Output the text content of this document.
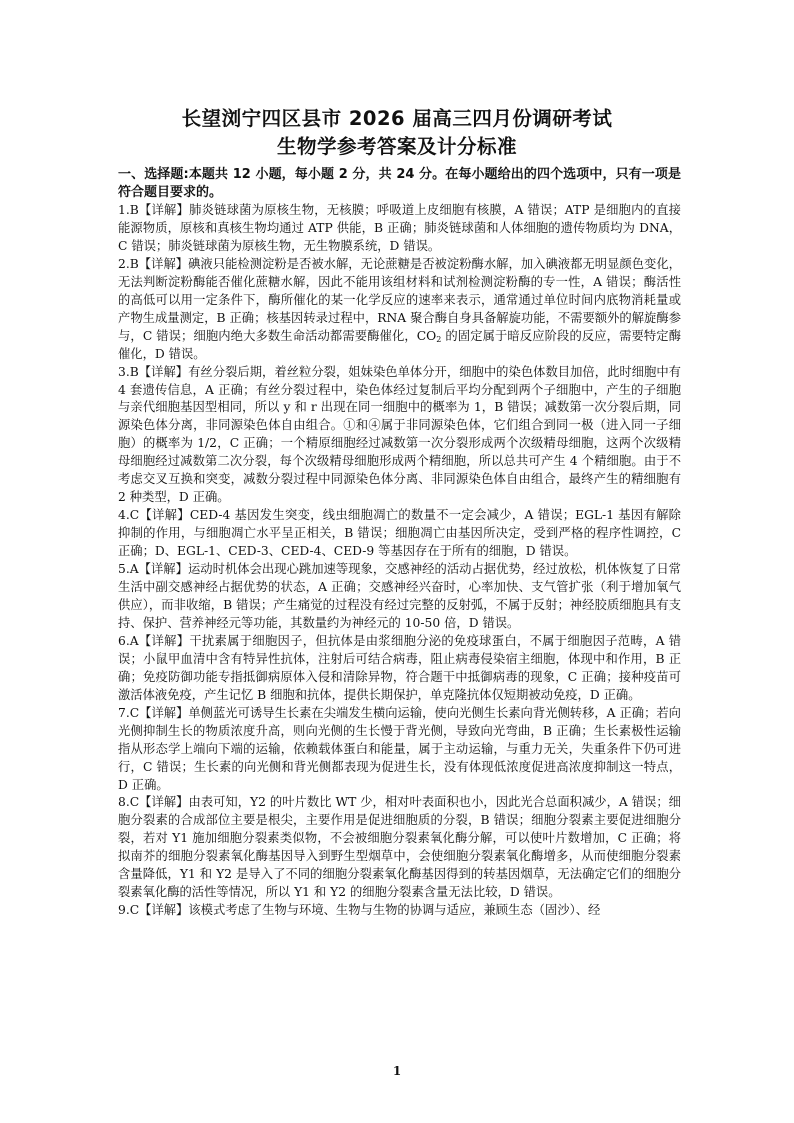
长望浏宁四区县市 2026 届高三四月份调研考试
生物学参考答案及计分标准
一、选择题:本题共 12 小题，每小题 2 分，共 24 分。在每小题给出的四个选项中，只有一项是符合题目要求的。

1.B【详解】肺炎链球菌为原核生物，无核膜；呼吸道上皮细胞有核膜，A 错误；ATP 是细胞内的直接能源物质，原核和真核生物均通过 ATP 供能，B 正确；肺炎链球菌和人体细胞的遗传物质均为 DNA，C 错误；肺炎链球菌为原核生物，无生物膜系统，D 错误。

2.B【详解】碘液只能检测淀粉是否被水解，无论蔗糖是否被淀粉酶水解，加入碘液都无明显颜色变化，无法判断淀粉酶能否催化蔗糖水解，因此不能用该组材料和试剂检测淀粉酶的专一性，A 错误；酶活性的高低可以用一定条件下，酶所催化的某一化学反应的速率来表示，通常通过单位时间内底物消耗量或产物生成量测定，B 正确；核基因转录过程中，RNA 聚合酶自身具备解旋功能，不需要额外的解旋酶参与，C 错误；细胞内绝大多数生命活动都需要酶催化，$CO_2$ 的固定属于暗反应阶段的反应，需要特定酶催化，D 错误。

3.B【详解】有丝分裂后期，着丝粒分裂，姐妹染色单体分开，细胞中的染色体数目加倍，此时细胞中有 4 套遗传信息，A 正确；有丝分裂过程中，染色体经过复制后平均分配到两个子细胞中，产生的子细胞与亲代细胞基因型相同，所以 y 和 r 出现在同一细胞中的概率为 1，B 错误；减数第一次分裂后期，同源染色体分离，非同源染色体自由组合。①和④属于非同源染色体，它们组合到同一极（进入同一子细胞）的概率为 1/2，C 正确；一个精原细胞经过减数第一次分裂形成两个次级精母细胞，这两个次级精母细胞经过减数第二次分裂，每个次级精母细胞形成两个精细胞，所以总共可产生 4 个精细胞。由于不考虑交叉互换和突变，减数分裂过程中同源染色体分离、非同源染色体自由组合，最终产生的精细胞有 2 种类型，D 正确。

4.C【详解】CED-4 基因发生突变，线虫细胞凋亡的数量不一定会减少，A 错误；EGL-1 基因有解除抑制的作用，与细胞凋亡水平呈正相关，B 错误；细胞凋亡由基因所决定，受到严格的程序性调控，C 正确；D、EGL-1、CED-3、CED-4、CED-9 等基因存在于所有的细胞，D 错误。

5.A【详解】运动时机体会出现心跳加速等现象，交感神经的活动占据优势，经过放松，机体恢复了日常生活中副交感神经占据优势的状态，A 正确；交感神经兴奋时，心率加快、支气管扩张（利于增加氧气供应），而非收缩，B 错误；产生痛觉的过程没有经过完整的反射弧，不属于反射；神经胶质细胞具有支持、保护、营养神经元等功能，其数量约为神经元的 10-50 倍，D 错误。

6.A【详解】干扰素属于细胞因子，但抗体是由浆细胞分泌的免疫球蛋白，不属于细胞因子范畴，A 错误；小鼠甲血清中含有特异性抗体，注射后可结合病毒，阻止病毒侵染宿主细胞，体现中和作用，B 正确；免疫防御功能专指抵御病原体入侵和清除异物，符合题干中抵御病毒的现象，C 正确；接种疫苗可激活体液免疫，产生记忆 B 细胞和抗体，提供长期保护，单克隆抗体仅短期被动免疫，D 正确。

7.C【详解】单侧蓝光可诱导生长素在尖端发生横向运输，使向光侧生长素向背光侧转移，A 正确；若向光侧抑制生长的物质浓度升高，则向光侧的生长慢于背光侧，导致向光弯曲，B 正确；生长素极性运输指从形态学上端向下端的运输，依赖载体蛋白和能量，属于主动运输，与重力无关，失重条件下仍可进行，C 错误；生长素的向光侧和背光侧都表现为促进生长，没有体现低浓度促进高浓度抑制这一特点，D 正确。

8.C【详解】由表可知，Y2 的叶片数比 WT 少，相对叶表面积也小，因此光合总面积减少，A 错误；细胞分裂素的合成部位主要是根尖，主要作用是促进细胞质的分裂，B 错误；细胞分裂素主要促进细胞分裂，若对 Y1 施加细胞分裂素类似物，不会被细胞分裂素氧化酶分解，可以使叶片数增加，C 正确；将拟南芥的细胞分裂素氧化酶基因导入到野生型烟草中，会使细胞分裂素氧化酶增多，从而使细胞分裂素含量降低，Y1 和 Y2 是导入了不同的细胞分裂素氧化酶基因得到的转基因烟草，无法确定它们的细胞分裂素氧化酶的活性等情况，所以 Y1 和 Y2 的细胞分裂素含量无法比较，D 错误。

9.C【详解】该模式考虑了生物与环境、生物与生物的协调与适应，兼顾生态（固沙）、经

1
